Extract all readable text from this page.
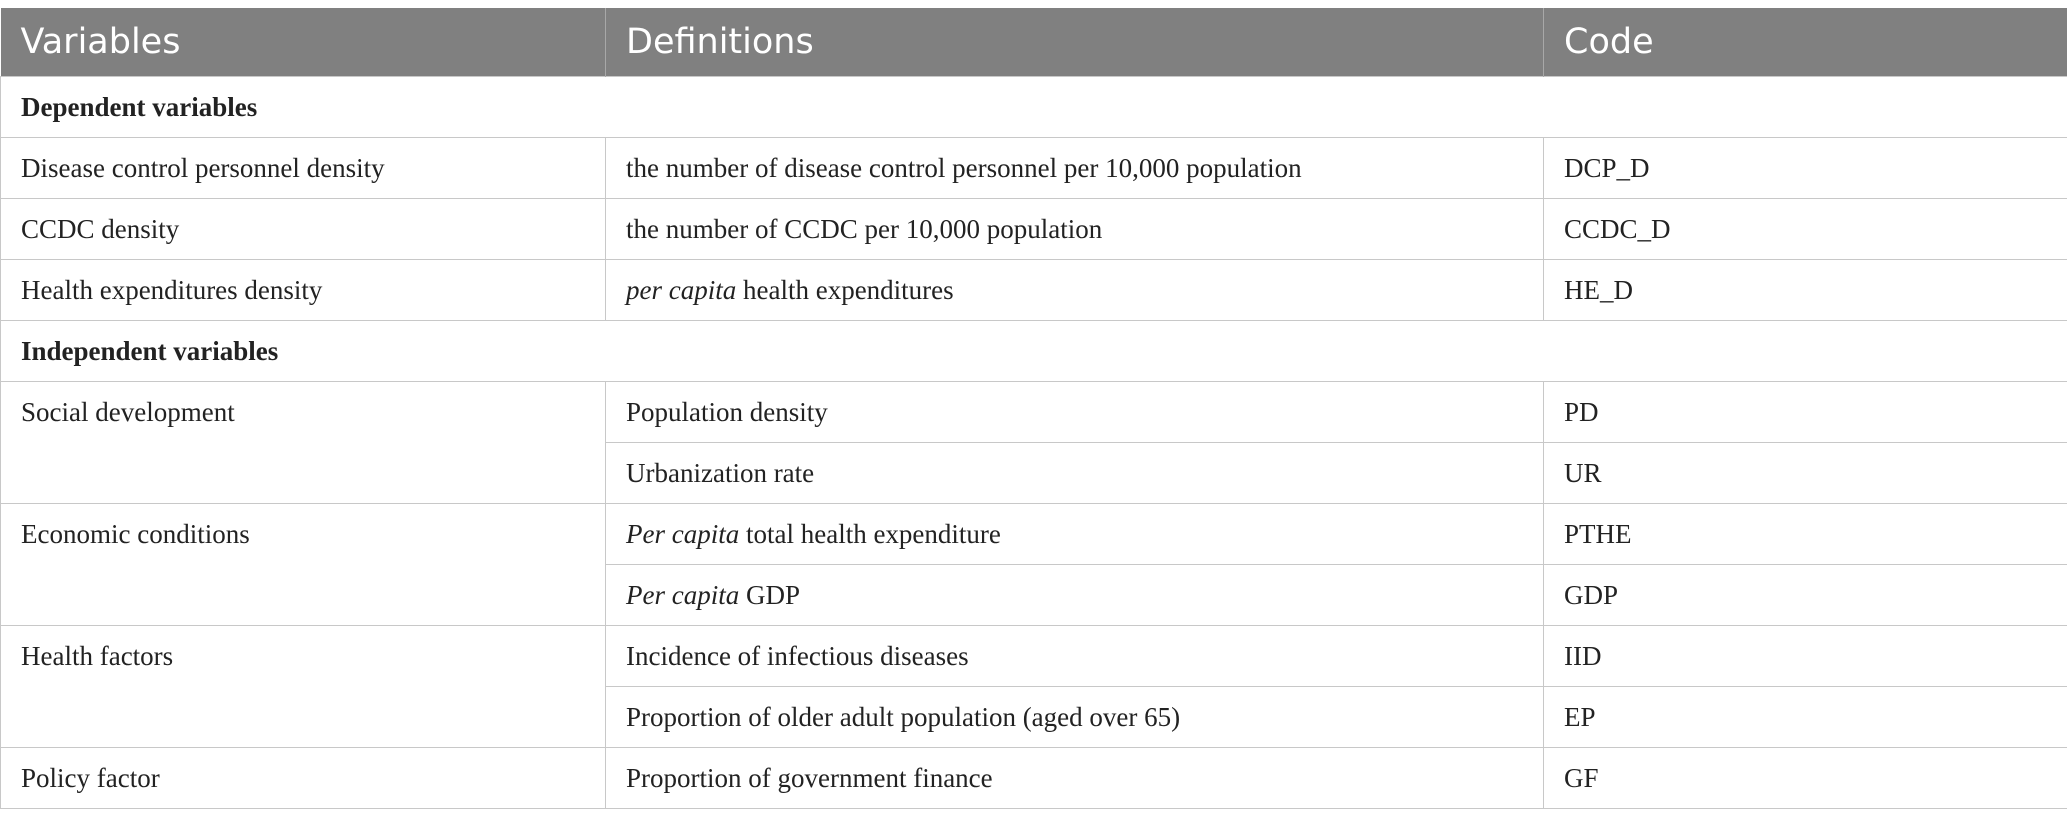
Variables	Definitions	Code
Dependent variables		
Disease control personnel density	the number of disease control personnel per 10,000 population	DCP_D
CCDC density	the number of CCDC per 10,000 population	CCDC_D
Health expenditures density	per capita health expenditures	HE_D
Independent variables		
Social development	Population density	PD
	Urbanization rate	UR
Economic conditions	Per capita total health expenditure	PTHE
	Per capita GDP	GDP
Health factors	Incidence of infectious diseases	IID
	Proportion of older adult population (aged over 65)	EP
Policy factor	Proportion of government finance	GF
